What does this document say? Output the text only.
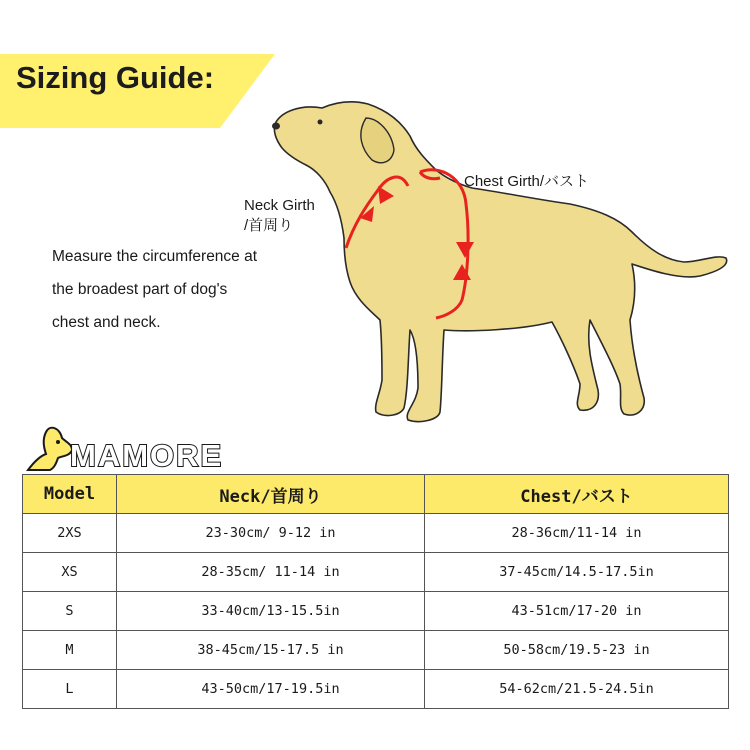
Sizing Guide:
Neck Girth
/首周り
Chest Girth/バスト
Measure the circumference at
the broadest part of dog's
chest and neck.
MAMORE
Model	Neck/首周り	Chest/バスト
2XS	23-30cm/ 9-12 in	28-36cm/11-14 in
XS	28-35cm/ 11-14 in	37-45cm/14.5-17.5in
S	33-40cm/13-15.5in	43-51cm/17-20 in
M	38-45cm/15-17.5 in	50-58cm/19.5-23 in
L	43-50cm/17-19.5in	54-62cm/21.5-24.5in
